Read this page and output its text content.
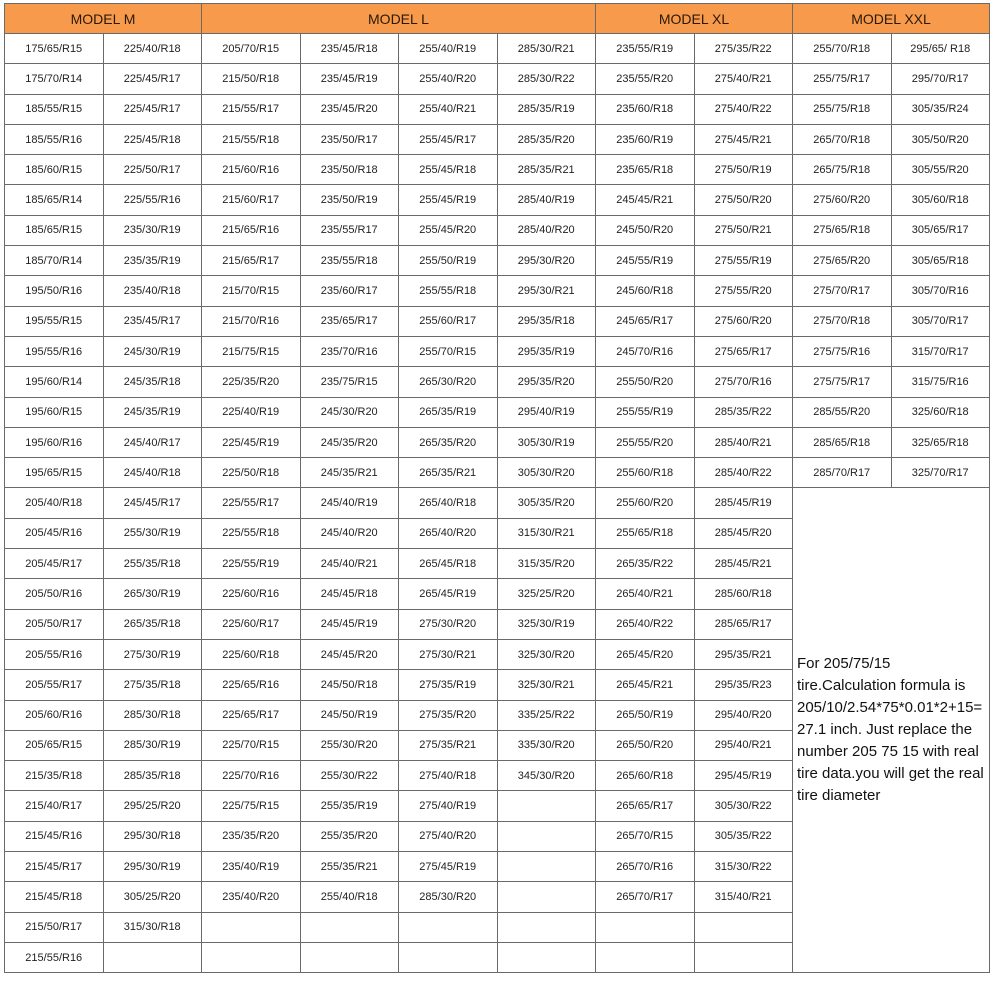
MODEL M		MODEL L				MODEL XL		MODEL XXL	
175/65/R15	225/40/R18	205/70/R15	235/45/R18	255/40/R19	285/30/R21	235/55/R19	275/35/R22	255/70/R18	295/65/ R18
175/70/R14	225/45/R17	215/50/R18	235/45/R19	255/40/R20	285/30/R22	235/55/R20	275/40/R21	255/75/R17	295/70/R17
185/55/R15	225/45/R17	215/55/R17	235/45/R20	255/40/R21	285/35/R19	235/60/R18	275/40/R22	255/75/R18	305/35/R24
185/55/R16	225/45/R18	215/55/R18	235/50/R17	255/45/R17	285/35/R20	235/60/R19	275/45/R21	265/70/R18	305/50/R20
185/60/R15	225/50/R17	215/60/R16	235/50/R18	255/45/R18	285/35/R21	235/65/R18	275/50/R19	265/75/R18	305/55/R20
185/65/R14	225/55/R16	215/60/R17	235/50/R19	255/45/R19	285/40/R19	245/45/R21	275/50/R20	275/60/R20	305/60/R18
185/65/R15	235/30/R19	215/65/R16	235/55/R17	255/45/R20	285/40/R20	245/50/R20	275/50/R21	275/65/R18	305/65/R17
185/70/R14	235/35/R19	215/65/R17	235/55/R18	255/50/R19	295/30/R20	245/55/R19	275/55/R19	275/65/R20	305/65/R18
195/50/R16	235/40/R18	215/70/R15	235/60/R17	255/55/R18	295/30/R21	245/60/R18	275/55/R20	275/70/R17	305/70/R16
195/55/R15	235/45/R17	215/70/R16	235/65/R17	255/60/R17	295/35/R18	245/65/R17	275/60/R20	275/70/R18	305/70/R17
195/55/R16	245/30/R19	215/75/R15	235/70/R16	255/70/R15	295/35/R19	245/70/R16	275/65/R17	275/75/R16	315/70/R17
195/60/R14	245/35/R18	225/35/R20	235/75/R15	265/30/R20	295/35/R20	255/50/R20	275/70/R16	275/75/R17	315/75/R16
195/60/R15	245/35/R19	225/40/R19	245/30/R20	265/35/R19	295/40/R19	255/55/R19	285/35/R22	285/55/R20	325/60/R18
195/60/R16	245/40/R17	225/45/R19	245/35/R20	265/35/R20	305/30/R19	255/55/R20	285/40/R21	285/65/R18	325/65/R18
195/65/R15	245/40/R18	225/50/R18	245/35/R21	265/35/R21	305/30/R20	255/60/R18	285/40/R22	285/70/R17	325/70/R17
205/40/R18	245/45/R17	225/55/R17	245/40/R19	265/40/R18	305/35/R20	255/60/R20	285/45/R19	For 205/75/15 tire.Calculation formula is 205/10/2.54*75*0.01*2+15=27.1 inch. Just replace the number 205 75 15 with real tire data.you will get the real tire diameter	
205/45/R16	255/30/R19	225/55/R18	245/40/R20	265/40/R20	315/30/R21	255/65/R18	285/45/R20		
205/45/R17	255/35/R18	225/55/R19	245/40/R21	265/45/R18	315/35/R20	265/35/R22	285/45/R21		
205/50/R16	265/30/R19	225/60/R16	245/45/R18	265/45/R19	325/25/R20	265/40/R21	285/60/R18		
205/50/R17	265/35/R18	225/60/R17	245/45/R19	275/30/R20	325/30/R19	265/40/R22	285/65/R17		
205/55/R16	275/30/R19	225/60/R18	245/45/R20	275/30/R21	325/30/R20	265/45/R20	295/35/R21		
205/55/R17	275/35/R18	225/65/R16	245/50/R18	275/35/R19	325/30/R21	265/45/R21	295/35/R23		
205/60/R16	285/30/R18	225/65/R17	245/50/R19	275/35/R20	335/25/R22	265/50/R19	295/40/R20		
205/65/R15	285/30/R19	225/70/R15	255/30/R20	275/35/R21	335/30/R20	265/50/R20	295/40/R21		
215/35/R18	285/35/R18	225/70/R16	255/30/R22	275/40/R18	345/30/R20	265/60/R18	295/45/R19		
215/40/R17	295/25/R20	225/75/R15	255/35/R19	275/40/R19		265/65/R17	305/30/R22		
215/45/R16	295/30/R18	235/35/R20	255/35/R20	275/40/R20		265/70/R15	305/35/R22		
215/45/R17	295/30/R19	235/40/R19	255/35/R21	275/45/R19		265/70/R16	315/30/R22		
215/45/R18	305/25/R20	235/40/R20	255/40/R18	285/30/R20		265/70/R17	315/40/R21		
215/50/R17	315/30/R18								
215/55/R16									
